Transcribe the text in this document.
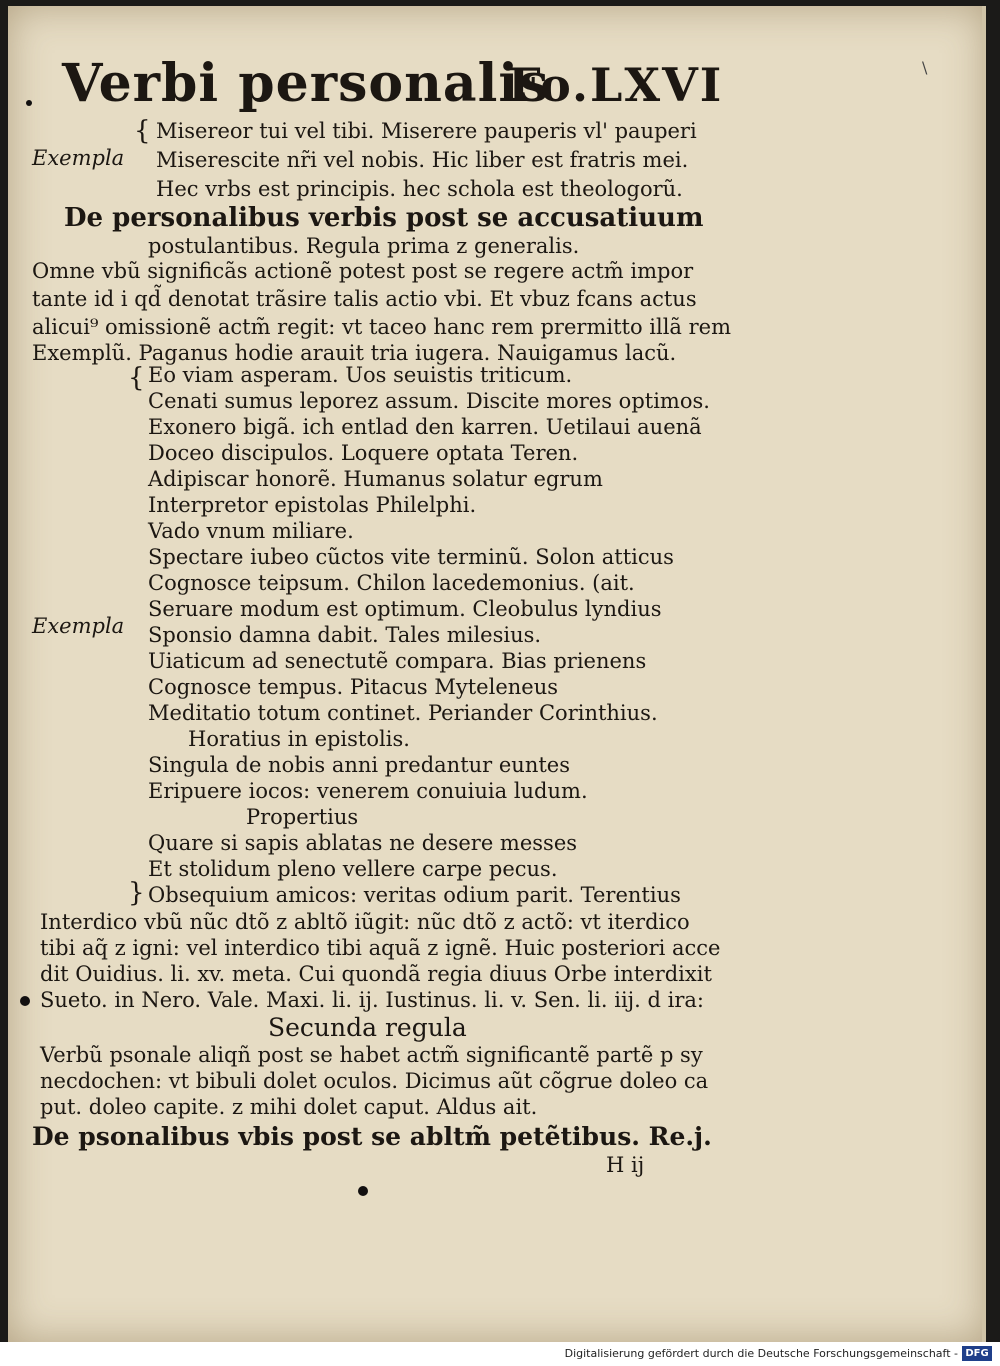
Verbi personalis
Fo.LXVI
{
Exempla
Misereor tui vel tibi. Miserere pauperis vl' pauperi
Miserescite nr̃i vel nobis. Hic liber est fratris mei.
Hec vrbs est principis. hec schola est theologorũ.
De personalibus verbis post se accusatiuum
postulantibus. Regula prima z generalis.
Omne vbũ significãs actionẽ potest post se regere actm̃ impor
tante id i qd̃ denotat trãsire talis actio vbi. Et vbuz fcans actus
alicui⁹ omissionẽ actm̃ regit: vt taceo hanc rem prermitto illã rem
Exemplũ. Paganus hodie arauit tria iugera. Nauigamus lacũ.
{
Exempla
Eo viam asperam. Uos seuistis triticum.
Cenati sumus leporez assum. Discite mores optimos.
Exonero bigã. ich entlad den karren. Uetilaui auenã
Doceo discipulos. Loquere optata Teren.
Adipiscar honorẽ. Humanus solatur egrum
Interpretor epistolas Philelphi.
Vado vnum miliare.
Spectare iubeo cũctos vite terminũ. Solon atticus
Cognosce teipsum. Chilon lacedemonius. (ait.
Seruare modum est optimum. Cleobulus lyndius
Sponsio damna dabit. Tales milesius.
Uiaticum ad senectutẽ compara. Bias prienens
Cognosce tempus. Pitacus Myteleneus
Meditatio totum continet. Periander Corinthius.
Horatius in epistolis.
Singula de nobis anni predantur euntes
Eripuere iocos: venerem conuiuia ludum.
Propertius
Quare si sapis ablatas ne desere messes
Et stolidum pleno vellere carpe pecus.
Obsequium amicos: veritas odium parit. Terentius
}
Interdico vbũ nũc dtõ z abltõ iũgit: nũc dtõ z actõ: vt iterdico
tibi aq̃ z igni: vel interdico tibi aquã z ignẽ. Huic posteriori acce
dit Ouidius. li. xv. meta. Cui quondã regia diuus Orbe interdixit
Sueto. in Nero. Vale. Maxi. li. ij. Iustinus. li. v. Sen. li. iij. d ira:
Secunda regula
Verbũ psonale aliqñ post se habet actm̃ significantẽ partẽ p sy
necdochen: vt bibuli dolet oculos. Dicimus aũt cõgrue doleo ca
put. doleo capite. z mihi dolet caput. Aldus ait.
De psonalibus vbis post se abltm̃ petẽtibus. Re.j.
H ij
\
Digitalisierung gefördert durch die Deutsche Forschungsgemeinschaft - DFG
